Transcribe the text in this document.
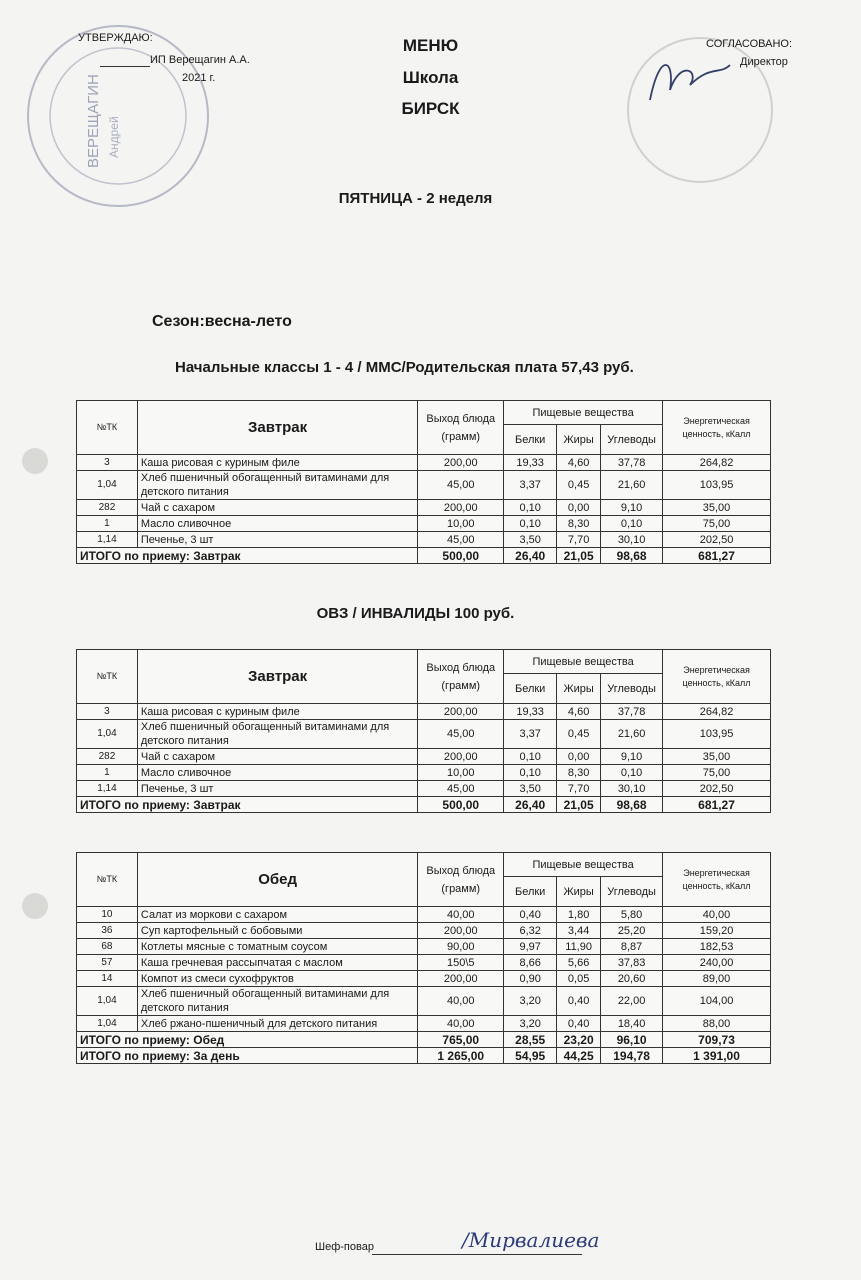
ВЕРЕЩАГИН Андрей
УТВЕРЖДАЮ:
ИП Верещагин А.А.
2021 г.
МЕНЮ
Школа
БИРСК
СОГЛАСОВАНО:
Директор
ПЯТНИЦА - 2 неделя
Сезон:весна-лето
Начальные классы 1 - 4 / ММС/Родительская плата 57,43 руб.
ОВЗ / ИНВАЛИДЫ 100 руб.
№ТК	Завтрак	Выход блюда (грамм)	Пищевые вещества			Энергетическая ценность, кКалл
			Белки	Жиры	Углеводы	
3	Каша рисовая с куриным филе	200,00	19,33	4,60	37,78	264,82
1,04	Хлеб пшеничный обогащенный витаминами для детского питания	45,00	3,37	0,45	21,60	103,95
282	Чай с сахаром	200,00	0,10	0,00	9,10	35,00
1	Масло сливочное	10,00	0,10	8,30	0,10	75,00
1,14	Печенье, 3 шт	45,00	3,50	7,70	30,10	202,50
ИТОГО по приему: Завтрак		500,00	26,40	21,05	98,68	681,27
№ТК	Завтрак	Выход блюда (грамм)	Пищевые вещества			Энергетическая ценность, кКалл
			Белки	Жиры	Углеводы	
3	Каша рисовая с куриным филе	200,00	19,33	4,60	37,78	264,82
1,04	Хлеб пшеничный обогащенный витаминами для детского питания	45,00	3,37	0,45	21,60	103,95
282	Чай с сахаром	200,00	0,10	0,00	9,10	35,00
1	Масло сливочное	10,00	0,10	8,30	0,10	75,00
1,14	Печенье, 3 шт	45,00	3,50	7,70	30,10	202,50
ИТОГО по приему: Завтрак		500,00	26,40	21,05	98,68	681,27
№ТК	Обед	Выход блюда (грамм)	Пищевые вещества			Энергетическая ценность, кКалл
			Белки	Жиры	Углеводы	
10	Салат из моркови с сахаром	40,00	0,40	1,80	5,80	40,00
36	Суп картофельный с бобовыми	200,00	6,32	3,44	25,20	159,20
68	Котлеты мясные с томатным соусом	90,00	9,97	11,90	8,87	182,53
57	Каша гречневая рассыпчатая с маслом	150\5	8,66	5,66	37,83	240,00
14	Компот из смеси сухофруктов	200,00	0,90	0,05	20,60	89,00
1,04	Хлеб пшеничный обогащенный витаминами для детского питания	40,00	3,20	0,40	22,00	104,00
1,04	Хлеб ржано-пшеничный для детского питания	40,00	3,20	0,40	18,40	88,00
ИТОГО по приему: Обед		765,00	28,55	23,20	96,10	709,73
ИТОГО по приему: За день		1 265,00	54,95	44,25	194,78	1 391,00
Шеф-повар	/Мирвалиева
